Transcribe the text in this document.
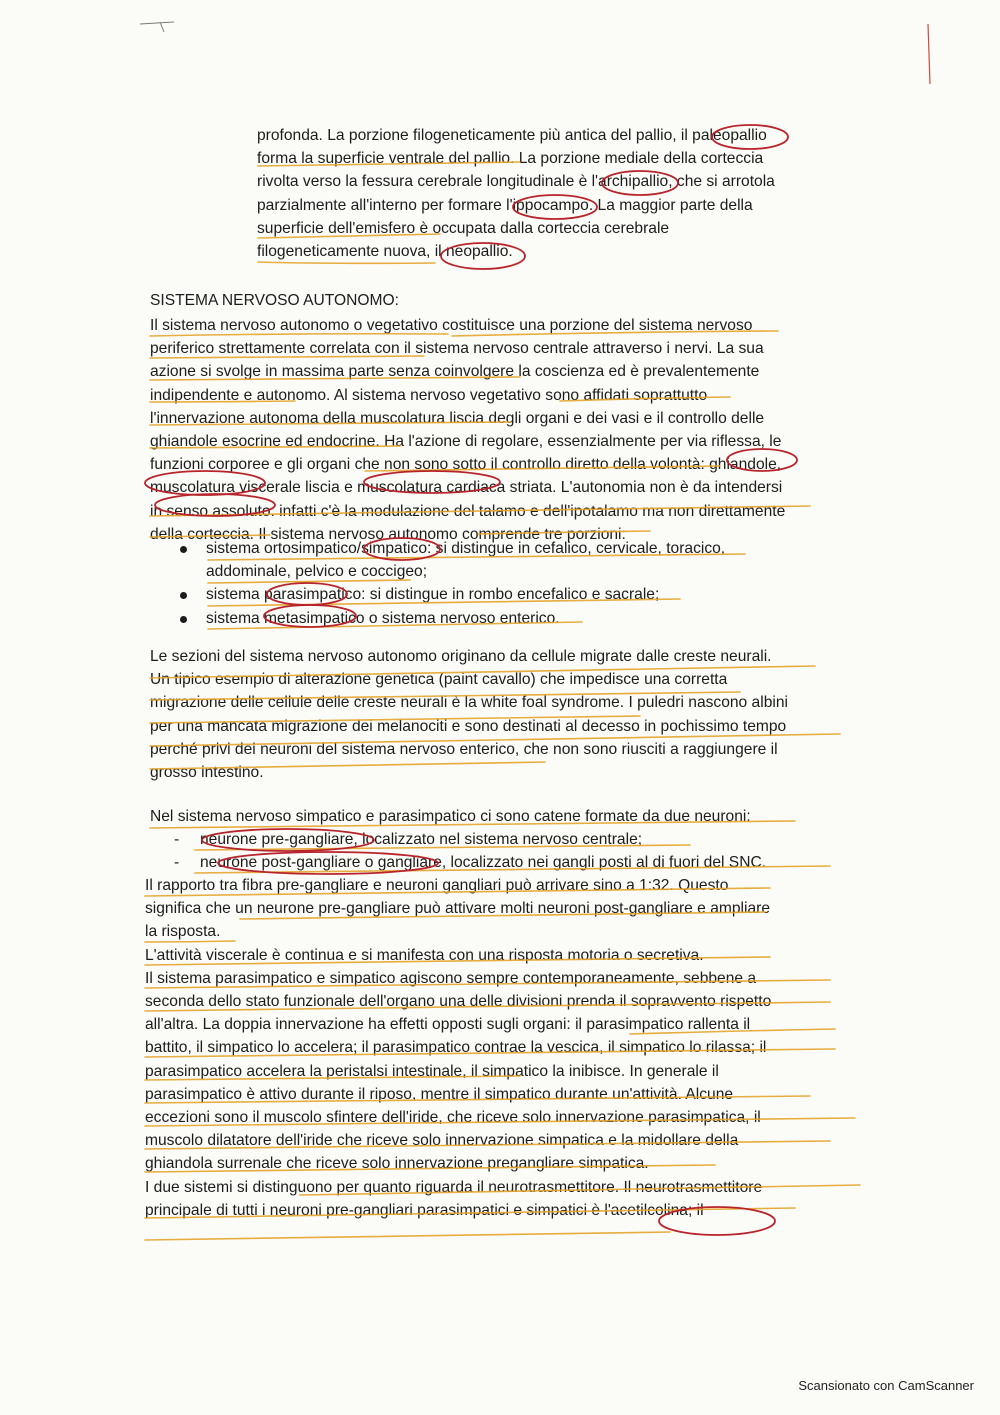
profonda. La porzione filogeneticamente più antica del pallio, il paleopallio
forma la superficie ventrale del pallio. La porzione mediale della corteccia
rivolta verso la fessura cerebrale longitudinale è l'archipallio, che si arrotola
parzialmente all'interno per formare l'ippocampo. La maggior parte della
superficie dell'emisfero è occupata dalla corteccia cerebrale
filogeneticamente nuova, il neopallio.
SISTEMA NERVOSO AUTONOMO:
Il sistema nervoso autonomo o vegetativo costituisce una porzione del sistema nervoso
periferico strettamente correlata con il sistema nervoso centrale attraverso i nervi. La sua
azione si svolge in massima parte senza coinvolgere la coscienza ed è prevalentemente
indipendente e autonomo. Al sistema nervoso vegetativo sono affidati soprattutto
l'innervazione autonoma della muscolatura liscia degli organi e dei vasi e il controllo delle
ghiandole esocrine ed endocrine. Ha l'azione di regolare, essenzialmente per via riflessa, le
funzioni corporee e gli organi che non sono sotto il controllo diretto della volontà: ghiandole,
muscolatura viscerale liscia e muscolatura cardiaca striata. L'autonomia non è da intendersi
in senso assoluto: infatti c'è la modulazione del talamo e dell'ipotalamo ma non direttamente
della corteccia. Il sistema nervoso autonomo comprende tre porzioni:
sistema ortosimpatico/simpatico: si distingue in cefalico, cervicale, toracico,
addominale, pelvico e coccigeo;
sistema parasimpatico: si distingue in rombo encefalico e sacrale;
sistema metasimpatico o sistema nervoso enterico.
Le sezioni del sistema nervoso autonomo originano da cellule migrate dalle creste neurali.
Un tipico esempio di alterazione genetica (paint cavallo) che impedisce una corretta
migrazione delle cellule delle creste neurali è la white foal syndrome. I puledri nascono albini
per una mancata migrazione dei melanociti e sono destinati al decesso in pochissimo tempo
perché privi dei neuroni del sistema nervoso enterico, che non sono riusciti a raggiungere il
grosso intestino.
Nel sistema nervoso simpatico e parasimpatico ci sono catene formate da due neuroni:
- neurone pre-gangliare, localizzato nel sistema nervoso centrale;
- neurone post-gangliare o gangliare, localizzato nei gangli posti al di fuori del SNC.
Il rapporto tra fibra pre-gangliare e neuroni gangliari può arrivare sino a 1:32. Questo
significa che un neurone pre-gangliare può attivare molti neuroni post-gangliare e ampliare
la risposta.
L'attività viscerale è continua e si manifesta con una risposta motoria o secretiva.
Il sistema parasimpatico e simpatico agiscono sempre contemporaneamente, sebbene a
seconda dello stato funzionale dell'organo una delle divisioni prenda il sopravvento rispetto
all'altra. La doppia innervazione ha effetti opposti sugli organi: il parasimpatico rallenta il
battito, il simpatico lo accelera; il parasimpatico contrae la vescica, il simpatico lo rilassa; il
parasimpatico accelera la peristalsi intestinale, il simpatico la inibisce. In generale il
parasimpatico è attivo durante il riposo, mentre il simpatico durante un'attività. Alcune
eccezioni sono il muscolo sfintere dell'iride, che riceve solo innervazione parasimpatica, il
muscolo dilatatore dell'iride che riceve solo innervazione simpatica e la midollare della
ghiandola surrenale che riceve solo innervazione pregangliare simpatica.
I due sistemi si distinguono per quanto riguarda il neurotrasmettitore. Il neurotrasmettitore
principale di tutti i neuroni pre-gangliari parasimpatici e simpatici è l'acetilcolina; il
Scansionato con CamScanner
